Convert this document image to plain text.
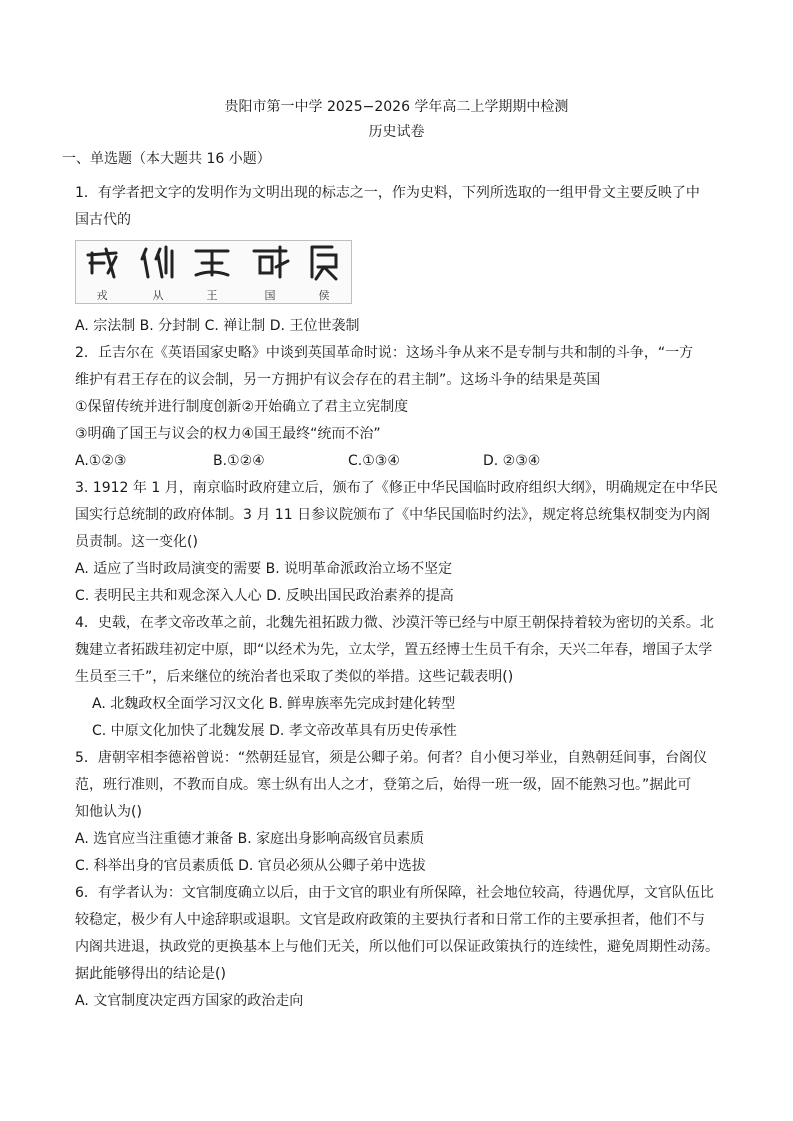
贵阳市第一中学 2025−2026 学年高二上学期期中检测
历史试卷
一、单选题（本大题共 16 小题）
1．有学者把文字的发明作为文明出现的标志之一，作为史料，下列所选取的一组甲骨文主要反映了中
国古代的
戎	从	王	国	侯
A. 宗法制 B. 分封制 C. 禅让制 D. 王位世袭制
2．丘吉尔在《英语国家史略》中谈到英国革命时说：这场斗争从来不是专制与共和制的斗争，“一方
维护有君王存在的议会制，另一方拥护有议会存在的君主制”。这场斗争的结果是英国
①保留传统并进行制度创新②开始确立了君主立宪制度
③明确了国王与议会的权力④国王最终“统而不治”
A.①②③	B.①②④	C.①③④	D. ②③④
3. 1912 年 1 月，南京临时政府建立后，颁布了《修正中华民国临时政府组织大纲》，明确规定在中华民
国实行总统制的政府体制。3 月 11 日参议院颁布了《中华民国临时约法》，规定将总统集权制变为内阁
员责制。这一变化()
A. 适应了当时政局演变的需要 B. 说明革命派政治立场不坚定
C. 表明民主共和观念深入人心 D. 反映出国民政治素养的提高
4．史载，在孝文帝改革之前，北魏先祖拓跋力微、沙漠汗等已经与中原王朝保持着较为密切的关系。北
魏建立者拓跋珪初定中原，即“以经术为先，立太学，置五经博士生员千有余，天兴二年春，增国子太学
生员至三千”，后来继位的统治者也采取了类似的举措。这些记载表明()
A. 北魏政权全面学习汉文化 B. 鲜卑族率先完成封建化转型
C. 中原文化加快了北魏发展 D. 孝文帝改革具有历史传承性
5．唐朝宰相李德裕曾说：“然朝廷显官，须是公卿子弟。何者？自小便习举业，自熟朝廷间事，台阁仪
范，班行准则，不教而自成。寒士纵有出人之才，登第之后，始得一班一级，固不能熟习也。”据此可
知他认为()
A. 选官应当注重德才兼备 B. 家庭出身影响高级官员素质
C. 科举出身的官员素质低 D. 官员必须从公卿子弟中选拔
6．有学者认为：文官制度确立以后，由于文官的职业有所保障，社会地位较高，待遇优厚，文官队伍比
较稳定，极少有人中途辞职或退职。文官是政府政策的主要执行者和日常工作的主要承担者，他们不与
内阁共进退，执政党的更换基本上与他们无关，所以他们可以保证政策执行的连续性，避免周期性动荡。
据此能够得出的结论是()
A. 文官制度决定西方国家的政治走向
